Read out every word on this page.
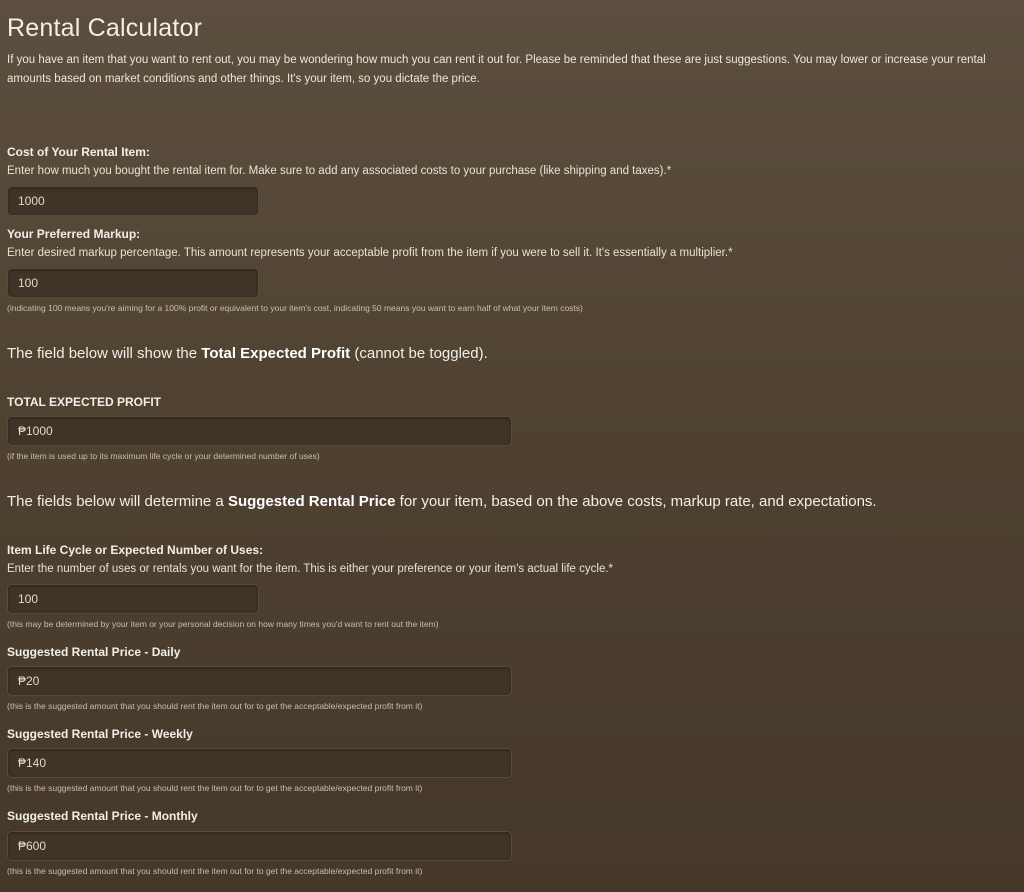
Rental Calculator

If you have an item that you want to rent out, you may be wondering how much you can rent it out for. Please be reminded that these are just suggestions. You may lower or increase your rental amounts based on market conditions and other things. It's your item, so you dictate the price.

Cost of Your Rental Item:
Enter how much you bought the rental item for. Make sure to add any associated costs to your purchase (like shipping and taxes).*
1000
Your Preferred Markup:
Enter desired markup percentage. This amount represents your acceptable profit from the item if you were to sell it. It's essentially a multiplier.*
100
(indicating 100 means you're aiming for a 100% profit or equivalent to your item's cost, indicating 50 means you want to earn half of what your item costs)
The field below will show the Total Expected Profit (cannot be toggled).
TOTAL EXPECTED PROFIT
₱1000
(if the item is used up to its maximum life cycle or your determined number of uses)
The fields below will determine a Suggested Rental Price for your item, based on the above costs, markup rate, and expectations.
Item Life Cycle or Expected Number of Uses:
Enter the number of uses or rentals you want for the item. This is either your preference or your item's actual life cycle.*
100
(this may be determined by your item or your personal decision on how many times you'd want to rent out the item)
Suggested Rental Price - Daily
₱20
(this is the suggested amount that you should rent the item out for to get the acceptable/expected profit from it)
Suggested Rental Price - Weekly
₱140
(this is the suggested amount that you should rent the item out for to get the acceptable/expected profit from it)
Suggested Rental Price - Monthly
₱600
(this is the suggested amount that you should rent the item out for to get the acceptable/expected profit from it)
